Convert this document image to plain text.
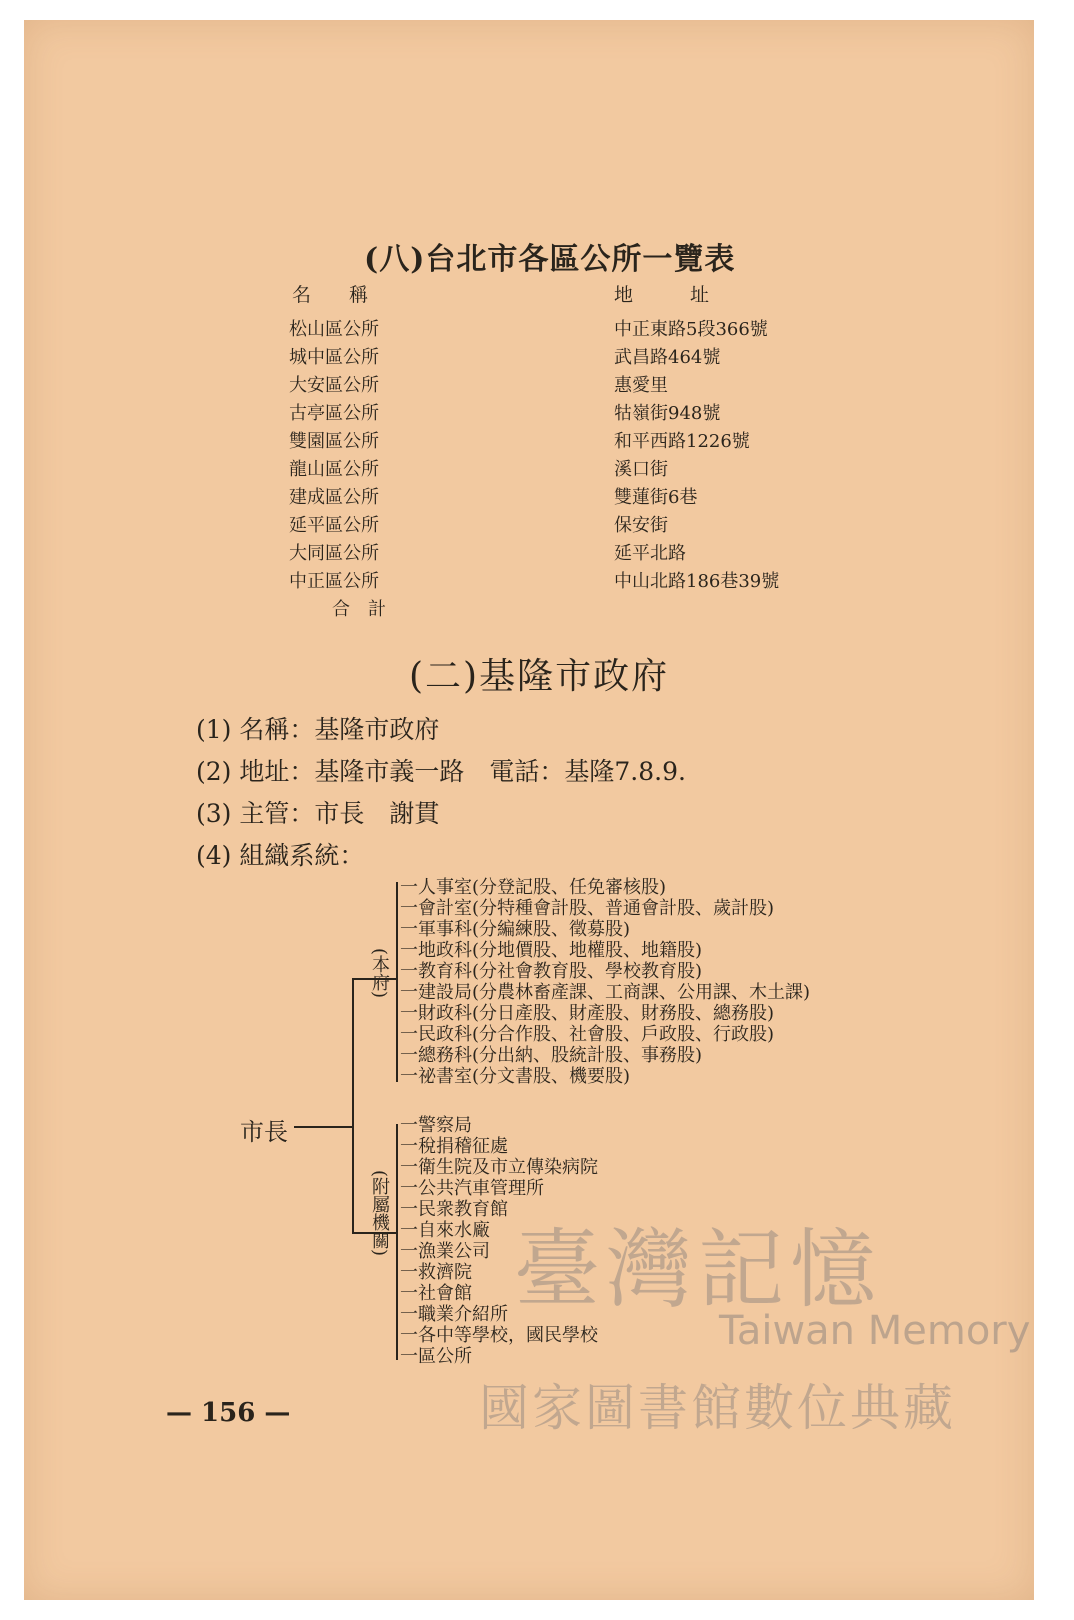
(八)台北市各區公所一覽表
名　　稱	地　　　址
松山區公所	中正東路5段366號
城中區公所	武昌路464號
大安區公所	惠愛里
古亭區公所	牯嶺街948號
雙園區公所	和平西路1226號
龍山區公所	溪口街
建成區公所	雙蓮街6巷
延平區公所	保安街
大同區公所	延平北路
中正區公所	中山北路186巷39號
合　計
(二)基隆市政府
(1) 名稱：基隆市政府
(2) 地址：基隆市義一路　電話：基隆7.8.9.
(3) 主管：市長　謝貫
(4) 組織系統：
市長
(本府)
(附屬機關)
一人事室(分登記股、任免審核股)
一會計室(分特種會計股、普通會計股、歲計股)
一軍事科(分編練股、徵募股)
一地政科(分地價股、地權股、地籍股)
一教育科(分社會教育股、學校教育股)
一建設局(分農林畜產課、工商課、公用課、木土課)
一財政科(分日產股、財產股、財務股、總務股)
一民政科(分合作股、社會股、戶政股、行政股)
一總務科(分出納、股統計股、事務股)
一祕書室(分文書股、機要股)
一警察局
一稅捐稽征處
一衛生院及市立傳染病院
一公共汽車管理所
一民衆教育館
一自來水廠
一漁業公司
一救濟院
一社會館
一職業介紹所
一各中等學校，國民學校
一區公所
— 156 —
臺灣記憶
Taiwan Memory
國家圖書館數位典藏
